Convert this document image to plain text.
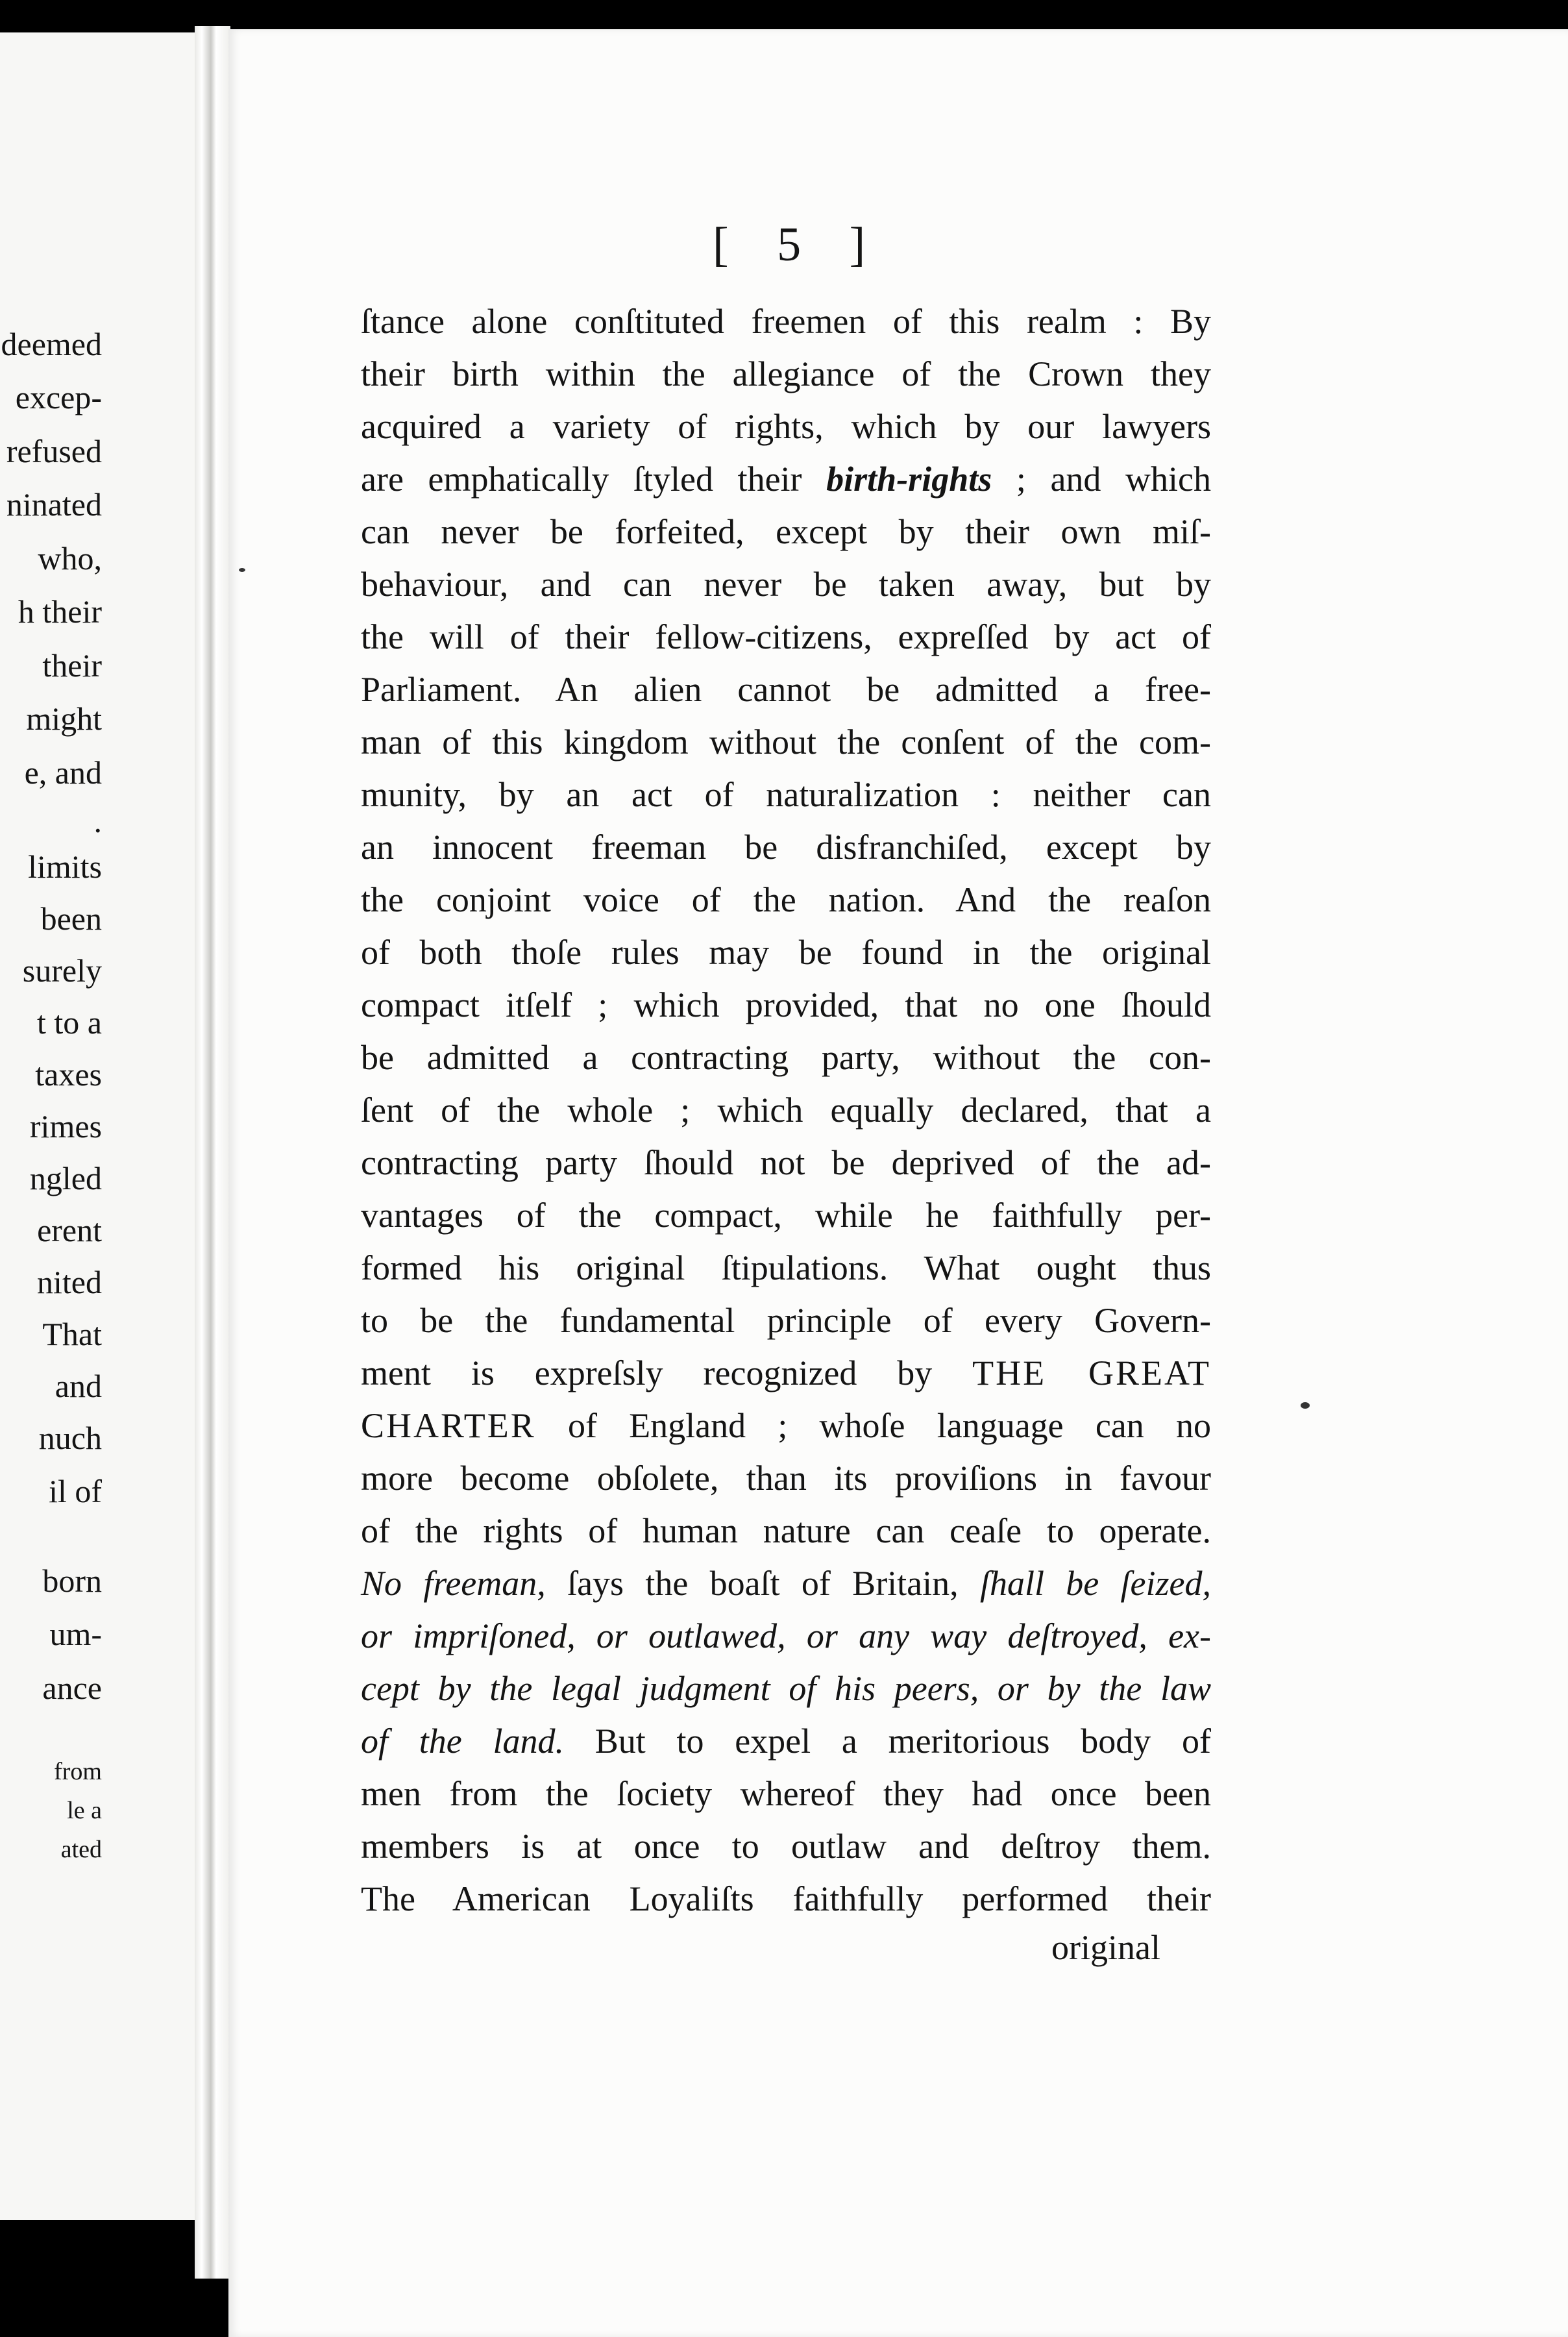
deemed
excep-
refused
ninated
who,
h their
their
might
e, and
.
limits
been
surely
t to a
taxes
rimes
ngled
erent
nited
That
and
nuch
il of
born
um-
ance
from
le a
ated
[ 5 ]
ſtance alone conſtituted freemen of this realm : By
their birth within the allegiance of the Crown they
acquired a variety of rights, which by our lawyers
are emphatically ſtyled their birth-rights ; and which
can never be forfeited, except by their own miſ-
behaviour, and can never be taken away, but by
the will of their fellow-citizens, expreſſed by act of
Parliament. An alien cannot be admitted a free-
man of this kingdom without the conſent of the com-
munity, by an act of naturalization : neither can
an innocent freeman be disfranchiſed, except by
the conjoint voice of the nation. And the reaſon
of both thoſe rules may be found in the original
compact itſelf ; which provided, that no one ſhould
be admitted a contracting party, without the con-
ſent of the whole ; which equally declared, that a
contracting party ſhould not be deprived of the ad-
vantages of the compact, while he faithfully per-
formed his original ſtipulations. What ought thus
to be the fundamental principle of every Govern-
ment is expreſsly recognized by THE GREAT
CHARTER of England ; whoſe language can no
more become obſolete, than its proviſions in favour
of the rights of human nature can ceaſe to operate.
No freeman, ſays the boaſt of Britain, ſhall be ſeized,
or impriſoned, or outlawed, or any way deſtroyed, ex-
cept by the legal judgment of his peers, or by the law
of the land. But to expel a meritorious body of
men from the ſociety whereof they had once been
members is at once to outlaw and deſtroy them.
The American Loyaliſts faithfully performed their
original
